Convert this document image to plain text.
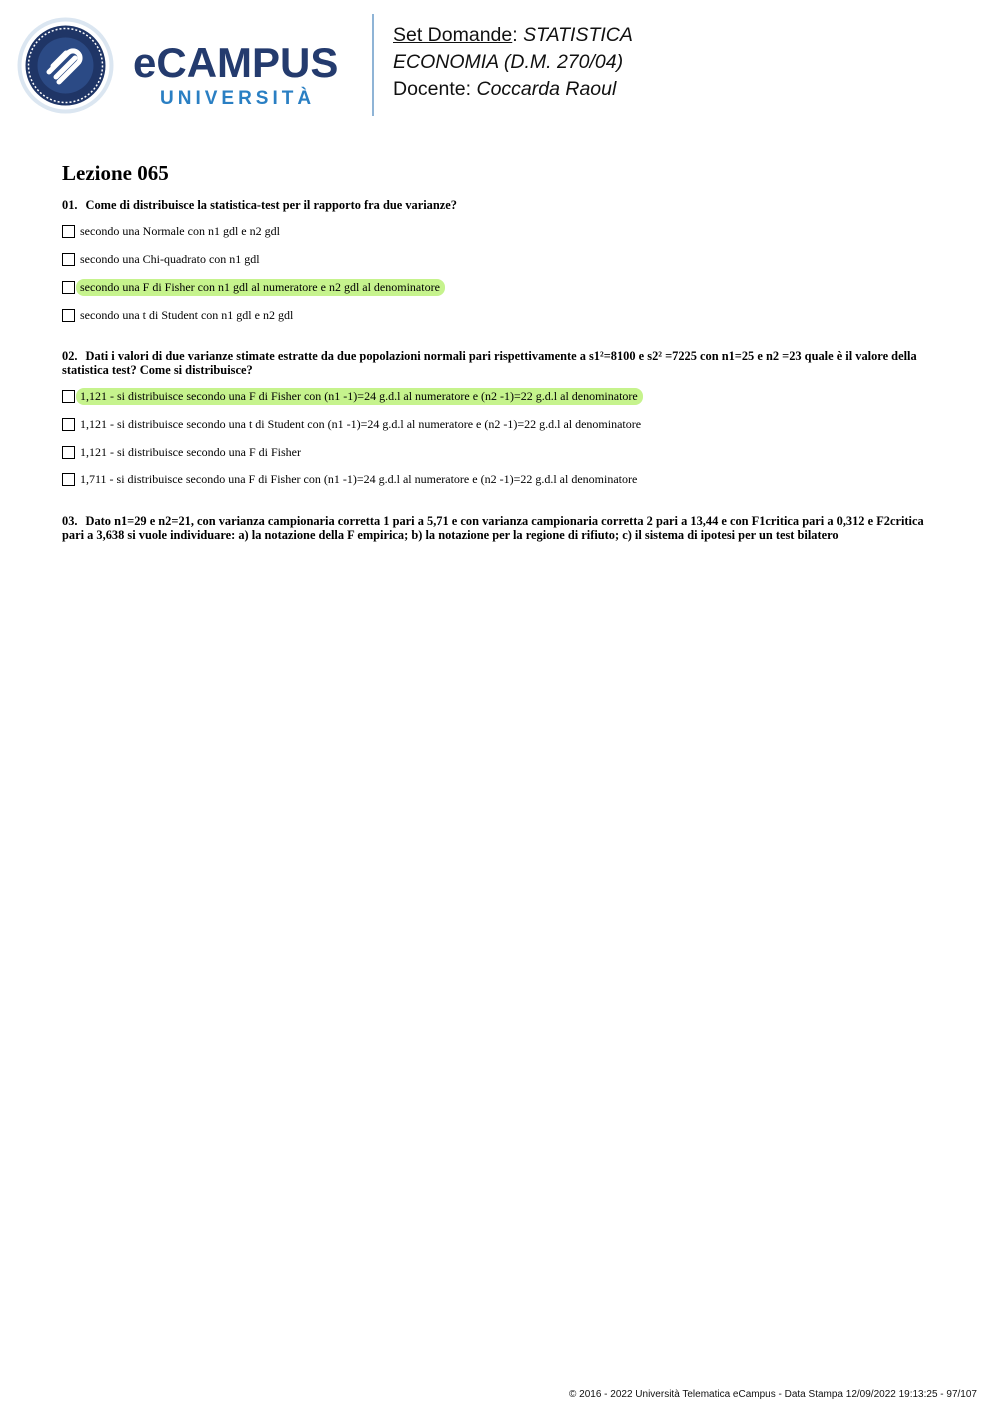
eCAMPUS
UNIVERSITÀ
Set Domande: STATISTICA
ECONOMIA (D.M. 270/04)
Docente: Coccarda Raoul
Lezione 065
01. Come di distribuisce la statistica-test per il rapporto fra due varianze?
secondo una Normale con n1 gdl e n2 gdl
secondo una Chi-quadrato con n1 gdl
secondo una F di Fisher con n1 gdl al numeratore e n2 gdl al denominatore
secondo una t di Student con n1 gdl e n2 gdl
02. Dati i valori di due varianze stimate estratte da due popolazioni normali pari rispettivamente a s1²=8100 e s2² =7225 con n1=25 e n2 =23 quale è il valore della statistica test? Come si distribuisce?
1,121 - si distribuisce secondo una F di Fisher con (n1 -1)=24 g.d.l al numeratore e (n2 -1)=22 g.d.l al denominatore
1,121 - si distribuisce secondo una t di Student con (n1 -1)=24 g.d.l al numeratore e (n2 -1)=22 g.d.l al denominatore
1,121 - si distribuisce secondo una F di Fisher
1,711 - si distribuisce secondo una F di Fisher con (n1 -1)=24 g.d.l al numeratore e (n2 -1)=22 g.d.l al denominatore
03. Dato n1=29 e n2=21, con varianza campionaria corretta 1 pari a 5,71 e con varianza campionaria corretta 2 pari a 13,44 e con F1critica pari a 0,312 e F2critica pari a 3,638 si vuole individuare: a) la notazione della F empirica; b) la notazione per la regione di rifiuto; c) il sistema di ipotesi per un test bilatero
© 2016 - 2022 Università Telematica eCampus - Data Stampa 12/09/2022 19:13:25 - 97/107
